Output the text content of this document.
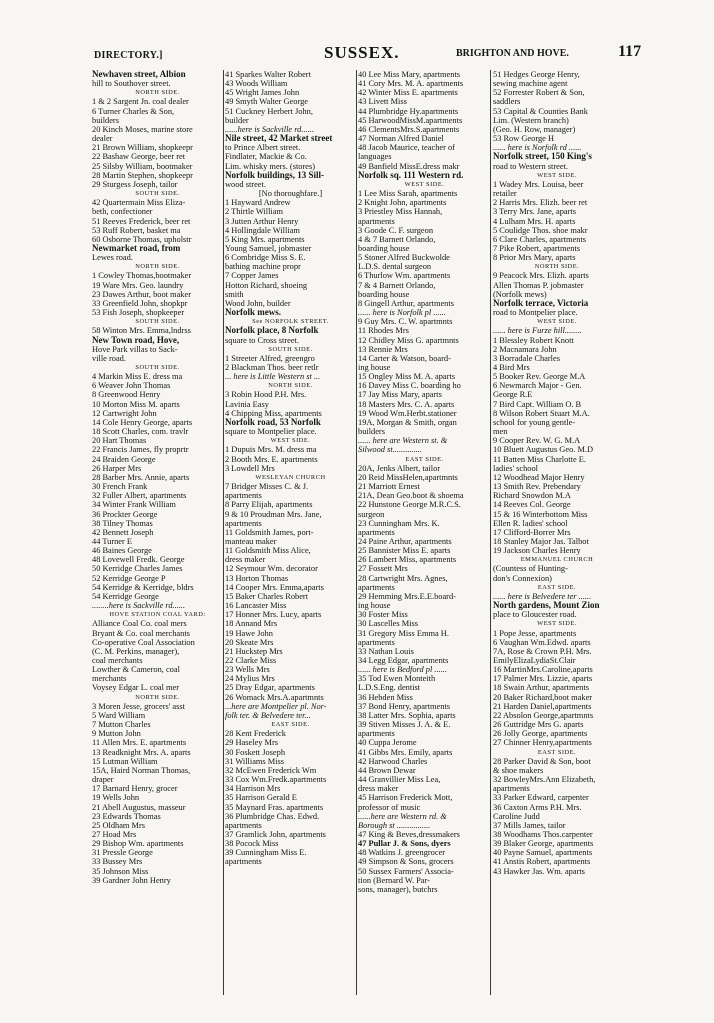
DIRECTORY.]	SUSSEX.	BRIGHTON AND HOVE.	117
Newhaven street, Albion
hill to Southover street.
NORTH SIDE.
1 & 2 Sargent Jn. coal dealer
6 Turner Charles & Son,
builders
20 Kinch Moses, marine store
dealer
21 Brown William, shopkeepr
22 Bashaw George, beer ret
25 Silsby William, bootmaker
28 Martin Stephen, shopkeepr
29 Sturgess Joseph, tailor
SOUTH SIDE.
42 Quartermain Miss Eliza-
beth, confectioner
51 Reeves Frederick, beer ret
53 Ruff Robert, basket ma
60 Osborne Thomas, upholstr
Newmarket road, from
Lewes road.
NORTH SIDE.
1 Cowley Thomas,bootmaker
19 Ware Mrs. Geo. laundry
23 Dawes Arthur, boot maker
33 Greenfield John, shopkpr
53 Fish Joseph, shopkeeper
SOUTH SIDE.
58 Winton Mrs. Emma,lndrss
New Town road, Hove,
Hove Park villas to Sack-
ville road.
SOUTH SIDE.
4 Markin Miss E. dress ma
6 Weaver John Thomas
8 Greenwood Henry
10 Morton Miss M. aparts
12 Cartwright John
14 Cole Henry George, aparts
18 Scott Charles, com. travlr
20 Hart Thomas
22 Francis James, fly proprtr
24 Braiden George
26 Harper Mrs
28 Barber Mrs. Annie, aparts
30 French Frank
32 Fuller Albert, apartments
34 Winter Frank William
36 Prockter George
38 Tilney Thomas
42 Bennett Joseph
44 Turner E
46 Baines George
48 Lovewell Fredk. George
50 Kerridge Charles James
52 Kerridge George P
54 Kerridge & Kerridge, bldrs
54 Kerridge George
........here is Sackville rd......
HOVE STATION COAL YARD:
Alliance Coal Co. coal mers
Bryant & Co. coal merchants
Co-operative Coal Association
(C. M. Perkins, manager),
coal merchants
Lowther & Cameron, coal
merchants
Voysey Edgar L. coal mer
NORTH SIDE.
3 Moren Jesse, grocers' asst
5 Ward William
7 Mutton Charles
9 Mutton John
11 Allen Mrs. E. apartments
13 Readknight Mrs. A. aparts
15 Lutman William
15A, Haird Norman Thomas,
draper
17 Barnard Henry, grocer
19 Wells John
21 Abell Augustus, masseur
23 Edwards Thomas
25 Oldham Mrs
27 Hoad Mrs
29 Bishop Wm. apartments
31 Pressle George
33 Bussey Mrs
35 Johnson Miss
39 Gardner John Henry
41 Sparkes Walter Robert
43 Woods William
45 Wright James John
49 Smyth Walter George
51 Cuckney Herbert John,
builder
......here is Sackville rd......
Nile street, 42 Market street
to Prince Albert street.
Findlater, Mackie & Co.
Lim. whisky mers. (stores)
Norfolk buildings, 13 Sill-
wood street.
[No thoroughfare.]
1 Hayward Andrew
2 Thirtle William
3 Jutten Arthur Henry
4 Hollingdale William
5 King Mrs. apartments
Young Samuel, jobmaster
6 Combridge Miss S. E.
bathing machine propr
7 Copper James
Hotton Richard, shoeing
smith
Wood John, builder
Norfolk mews.
See NORFOLK STREET.
Norfolk place, 8 Norfolk
square to Cross street.
SOUTH SIDE.
1 Streeter Alfred, greengro
2 Blackman Thos. beer retlr
... here is Little Western st ...
NORTH SIDE.
3 Robin Hood P.H. Mrs.
Lavinia Easy
4 Chipping Miss, apartments
Norfolk road, 53 Norfolk
square to Montpelier place.
WEST SIDE.
1 Dupuis Mrs. M. dress ma
2 Booth Mrs. E. apartments
3 Lowdell Mrs
WESLEYAN CHURCH
7 Bridger Misses C. & J.
apartments
8 Parry Elijah, apartments
9 & 10 Proudman Mrs. Jane,
apartments
11 Goldsmith James, port-
manteau maker
11 Goldsmith Miss Alice,
dress maker
12 Seymour Wm. decorator
13 Horton Thomas
14 Cooper Mrs. Emma,aparts
15 Baker Charles Robert
16 Lancaster Miss
17 Honner Mrs. Lucy, aparts
18 Annand Mrs
19 Hawe John
20 Skeate Mrs
21 Huckstep Mrs
22 Clarke Miss
23 Wells Mrs
24 Mylius Mrs
25 Dray Edgar, apartments
26 Womack Mrs.A.apartmnts
...here are Montpelier pl. Nor-
folk ter. & Belvedere ter...
EAST SIDE.
28 Kent Frederick
29 Haseley Mrs
30 Foskett Joseph
31 Williams Miss
32 McEwen Frederick Wm
33 Cox Wm.Fredk.apartments
34 Harrison Mrs
35 Harrison Gerald E
35 Maynard Fras. apartments
36 Plumbridge Chas. Edwd.
apartments
37 Gramlick John, apartments
38 Pocock Miss
39 Cunningham Miss E.
apartments
40 Lee Miss Mary, apartments
41 Cory Mrs. M. A. apartments
42 Winter Miss E. apartments
43 Livett Miss
44 Plumbridge Hy.apartments
45 HarwoodMissM.apartments
46 ClementsMrs.S.apartments
47 Norman Alfred Daniel
48 Jacob Maurice, teacher of
languages
49 Banfield MissE.dress makr
Norfolk sq. 111 Western rd.
WEST SIDE.
1 Lee Miss Sarah, apartments
2 Knight John, apartments
3 Priestley Miss Hannah,
apartments
3 Goode C. F. surgeon
4 & 7 Barnett Orlando,
boarding house
5 Stoner Alfred Buckwolde
L.D.S. dental surgeon
6 Thurlow Wm. apartments
7 & 4 Barnett Orlando,
boarding house
8 Gingell Arthur, apartments
...... here is Norfolk pl ......
9 Guy Mrs. C. W. apartmnts
11 Rhodes Mrs
12 Chidley Miss G. apartmnts
13 Rennie Mrs
14 Carter & Watson, board-
ing house
15 Ongley Miss M. A. aparts
16 Davey Miss C. boarding ho
17 Jay Miss Mary, aparts
18 Masters Mrs. C. A. aparts
19 Wood Wm.Herbt.stationer
19A, Morgan & Smith, organ
builders
...... here are Western st. &
Silwood st..............
EAST SIDE.
20A, Jenks Albert, tailor
20 Reid MissHelen,apartmnts
21 Marriott Ernest
21A, Dean Geo.boot & shoema
22 Hunstone George M.R.C.S.
surgeon
23 Cunningham Mrs. K.
apartments
24 Paine Arthur, apartments
25 Bannister Miss E. aparts
26 Lambert Miss, apartments
27 Fossett Mrs
28 Cartwright Mrs. Agnes,
apartments
29 Hemming Mrs.E.E.board-
ing house
30 Foster Miss
30 Lascelles Miss
31 Gregory Miss Emma H.
apartments
33 Nathan Louis
34 Legg Edgar, apartments
...... here is Bedford pl ......
35 Tod Ewen Monteith
L.D.S.Eng. dentist
36 Hebden Miss
37 Bond Henry, apartments
38 Latter Mrs. Sophia, aparts
39 Stiven Misses J. A. & E.
apartments
40 Cuppa Jerome
41 Gibbs Mrs. Emily, aparts
42 Harwood Charles
44 Brown Dewar
44 Granvillier Miss Lea,
dress maker
45 Harrison Frederick Mott,
professor of music
......here are Western rd. &
Borough st ................
47 King & Beves,dressmakers
47 Pullar J. & Sons, dyers
48 Watkins J. greengrocer
49 Simpson & Sons, grocers
50 Sussex Farmers' Associa-
tion (Bernard W. Par-
sons, manager), butchrs
51 Hedges George Henry,
sewing machine agent
52 Forrester Robert & Son,
saddlers
53 Capital & Counties Bank
Lim. (Western branch)
(Geo. H. Row, manager)
53 Row George H
...... here is Norfolk rd ......
Norfolk street, 150 King's
road to Western street.
WEST SIDE.
1 Wadey Mrs. Louisa, beer
retailer
2 Harris Mrs. Elizh. beer ret
3 Terry Mrs. Jane, aparts
4 Lulham Mrs. H. aparts
5 Coulidge Thos. shoe makr
6 Clare Charles, apartments
7 Pike Robert, apartments
8 Prior Mrs Mary, aparts
NORTH SIDE.
9 Peacock Mrs. Elizh. aparts
Allen Thomas P. jobmaster
(Norfolk mews)
Norfolk terrace, Victoria
road to Montpelier place.
WEST SIDE.
...... here is Furze hill........
1 Blessley Robert Knott
2 Macnamara John
3 Borradale Charles
4 Bird Mrs
5 Booker Rev. George M.A
6 Newmarch Major - Gen.
George R.E
7 Bird Capt. William O. B
8 Wilson Robert Stuart M.A.
school for young gentle-
men
9 Cooper Rev. W. G. M.A
10 Bluett Augustus Geo. M.D
11 Batten Miss Charlotte E.
ladies' school
12 Woodhead Major Henry
13 Smith Rev. Prebendary
Richard Snowdon M.A
14 Reeves Col. George
15 & 16 Winterbottom Miss
Ellen R. ladies' school
17 Clifford-Borrer Mrs
18 Stanley Major Jas. Talbot
19 Jackson Charles Henry
EMMANUEL CHURCH
(Countess of Hunting-
don's Connexion)
EAST SIDE.
...... here is Belvedere ter ......
North gardens, Mount Zion
place to Gloucester road.
WEST SIDE.
1 Pope Jesse, apartments
6 Vaughan Wm.Edwd. aparts
7A, Rose & Crown P.H. Mrs.
EmilyElizaLydiaSt.Clair
16 MartinMrs.Caroline,aparts
17 Palmer Mrs. Lizzie, aparts
18 Swain Arthur, apartments
20 Baker Richard,boot maker
21 Harden Daniel,apartments
22 Absolon George,apartmnts
26 Guttridge Mrs G. aparts
26 Jolly George, apartments
27 Chinner Henry,apartments
EAST SIDE.
28 Parker David & Son, boot
& shoe makers
32 BowleyMrs.Ann Elizabeth,
apartments
33 Parker Edward, carpenter
36 Caxton Arms P.H. Mrs.
Caroline Judd
37 Mills James, tailor
38 Woodhams Thos.carpenter
39 Blaker George, apartments
40 Payne Samuel, apartments
41 Anstis Robert, apartments
43 Hawker Jas. Wm. aparts
